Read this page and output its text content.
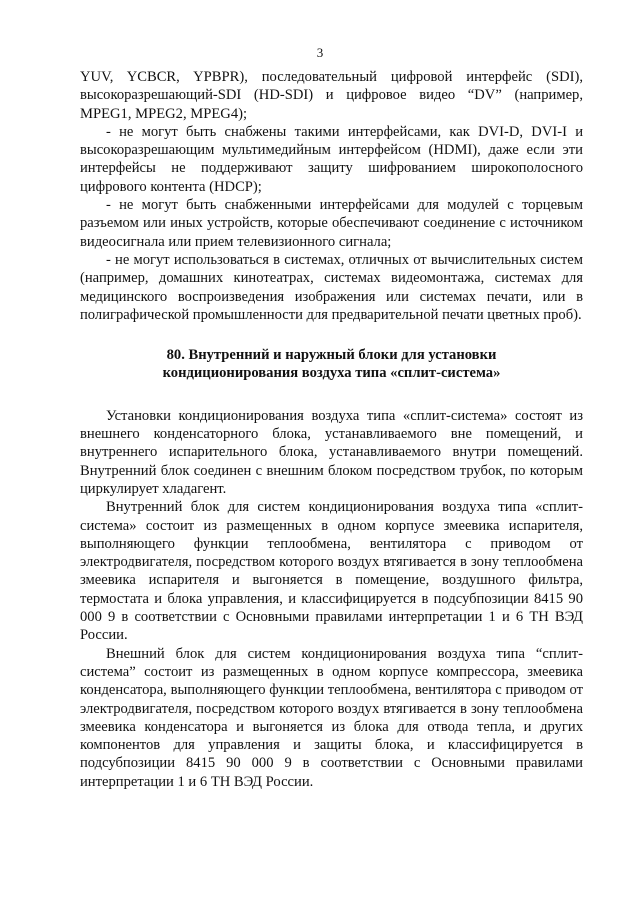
3

YUV, YCBCR, YPBPR), последовательный цифровой интерфейс (SDI), высокоразрешающий-SDI (HD-SDI) и цифровое видео “DV” (например, MPEG1, MPEG2, MPEG4);

- не могут быть снабжены такими интерфейсами, как DVI-D, DVI-I и высокоразрешающим мультимедийным интерфейсом (HDMI), даже если эти интерфейсы не поддерживают защиту шифрованием широкополосного цифрового контента (HDCP);

- не могут быть снабженными интерфейсами для модулей с торцевым разъемом или иных устройств, которые обеспечивают соединение с источником видеосигнала или прием телевизионного сигнала;

- не могут использоваться в системах, отличных от вычислительных систем (например, домашних кинотеатрах, системах видеомонтажа, системах для медицинского воспроизведения изображения или системах печати, или в полиграфической промышленности для предварительной печати цветных проб).

80. Внутренний и наружный блоки для установки
кондиционирования воздуха типа «сплит-система»

Установки кондиционирования воздуха типа «сплит-система» состоят из внешнего конденсаторного блока, устанавливаемого вне помещений, и внутреннего испарительного блока, устанавливаемого внутри помещений. Внутренний блок соединен с внешним блоком посредством трубок, по которым циркулирует хладагент.

Внутренний блок для систем кондиционирования воздуха типа «сплит-система» состоит из размещенных в одном корпусе змеевика испарителя, выполняющего функции теплообмена, вентилятора с приводом от электродвигателя, посредством которого воздух втягивается в зону теплообмена змеевика испарителя и выгоняется в помещение, воздушного фильтра, термостата и блока управления, и классифицируется в подсубпозиции 8415 90 000 9 в соответствии с Основными правилами интерпретации 1 и 6 ТН ВЭД России.

Внешний блок для систем кондиционирования воздуха типа “сплит-система” состоит из размещенных в одном корпусе компрессора, змеевика конденсатора, выполняющего функции теплообмена, вентилятора с приводом от электродвигателя, посредством которого воздух втягивается в зону теплообмена змеевика конденсатора и выгоняется из блока для отвода тепла, и других компонентов для управления и защиты блока, и классифицируется в подсубпозиции 8415 90 000 9 в соответствии с Основными правилами интерпретации 1 и 6 ТН ВЭД России.
